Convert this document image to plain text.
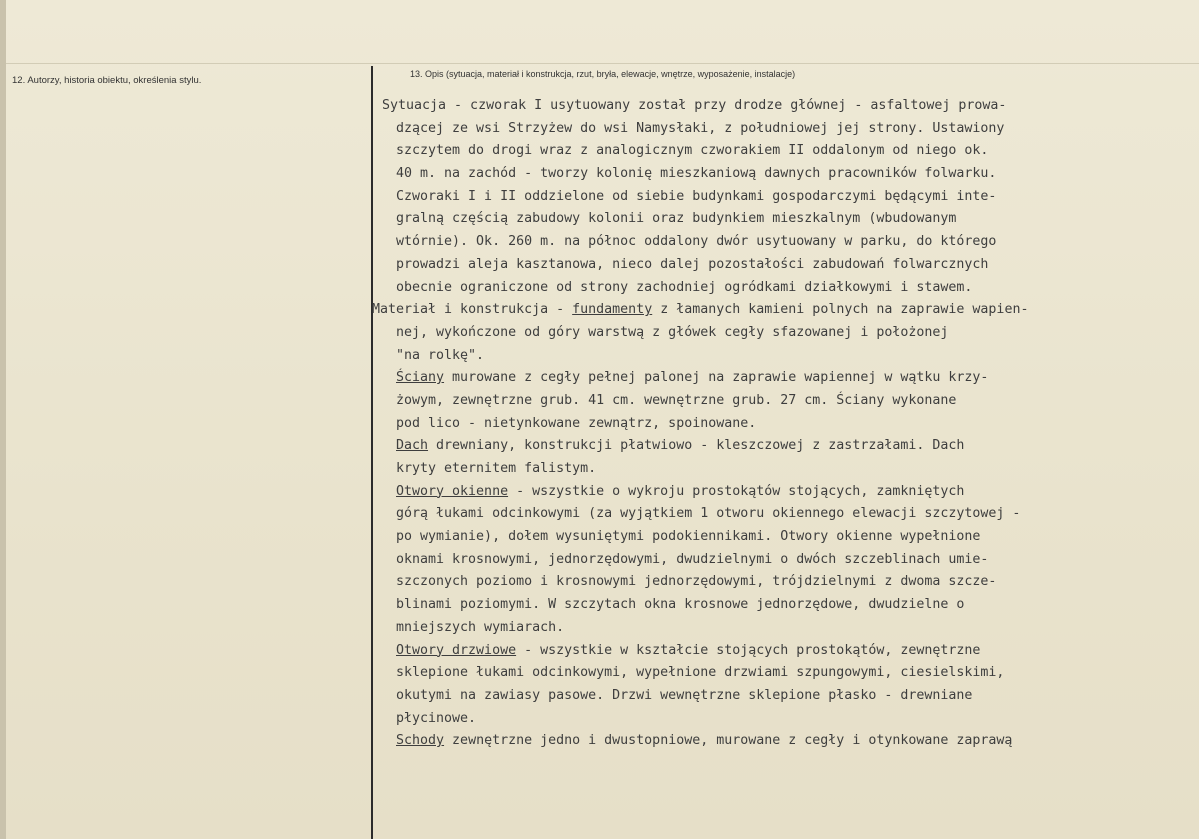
12. Autorzy, historia obiektu, określenia stylu.
13. Opis (sytuacja, materiał i konstrukcja, rzut, bryła, elewacje, wnętrze, wyposażenie, instalacje)
Sytuacja - czworak I usytuowany został przy drodze głównej - asfaltowej prowa-
dzącej ze wsi Strzyżew do wsi Namysłaki, z południowej jej strony. Ustawiony
szczytem do drogi wraz z analogicznym czworakiem II oddalonym od niego ok.
40 m. na zachód - tworzy kolonię mieszkaniową dawnych pracowników folwarku.
Czworaki I i II oddzielone od siebie budynkami gospodarczymi będącymi inte-
gralną częścią zabudowy kolonii oraz budynkiem mieszkalnym (wbudowanym
wtórnie). Ok. 260 m. na północ oddalony dwór usytuowany w parku, do którego
prowadzi aleja kasztanowa, nieco dalej pozostałości zabudowań folwarcznych
obecnie ograniczone od strony zachodniej ogródkami działkowymi i stawem.
Materiał i konstrukcja - fundamenty z łamanych kamieni polnych na zaprawie wapien-
nej, wykończone od góry warstwą z główek cegły sfazowanej i położonej
"na rolkę".
Ściany murowane z cegły pełnej palonej na zaprawie wapiennej w wątku krzy-
żowym, zewnętrzne grub. 41 cm. wewnętrzne grub. 27 cm. Ściany wykonane
pod lico - nietynkowane zewnątrz, spoinowane.
Dach drewniany, konstrukcji płatwiowo - kleszczowej z zastrzałami. Dach
kryty eternitem falistym.
Otwory okienne - wszystkie o wykroju prostokątów stojących, zamkniętych
górą łukami odcinkowymi (za wyjątkiem 1 otworu okiennego elewacji szczytowej -
po wymianie), dołem wysuniętymi podokiennikami. Otwory okienne wypełnione
oknami krosnowymi, jednorzędowymi, dwudzielnymi o dwóch szczeblinach umie-
szczonych poziomo i krosnowymi jednorzędowymi, trójdzielnymi z dwoma szcze-
blinami poziomymi. W szczytach okna krosnowe jednorzędowe, dwudzielne o
mniejszych wymiarach.
Otwory drzwiowe - wszystkie w kształcie stojących prostokątów, zewnętrzne
sklepione łukami odcinkowymi, wypełnione drzwiami szpungowymi, ciesielskimi,
okutymi na zawiasy pasowe. Drzwi wewnętrzne sklepione płasko - drewniane
płycinowe.
Schody zewnętrzne jedno i dwustopniowe, murowane z cegły i otynkowane zaprawą
